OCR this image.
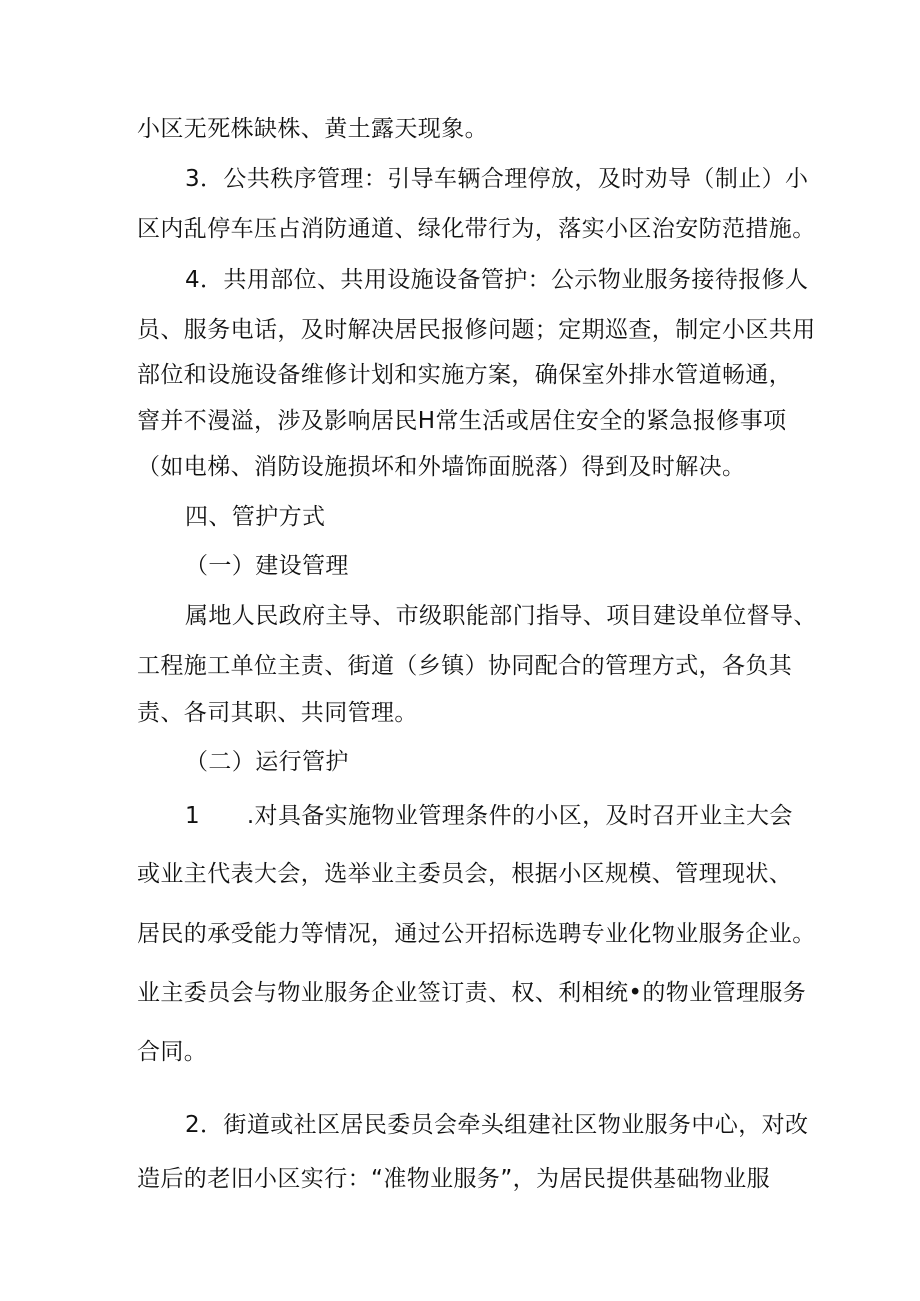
小区无死株缺株、黄土露天现象。
3．公共秩序管理：引导车辆合理停放，及时劝导（制止）小
区内乱停车压占消防通道、绿化带行为，落实小区治安防范措施。
4．共用部位、共用设施设备管护：公示物业服务接待报修人
员、服务电话，及时解决居民报修问题；定期巡查，制定小区共用
部位和设施设备维修计划和实施方案，确保室外排水管道畅通，
窨并不漫溢，涉及影响居民H常生活或居住安全的紧急报修事项
（如电梯、消防设施损坏和外墙饰面脱落）得到及时解决。
四、管护方式
（一）建设管理
属地人民政府主导、市级职能部门指导、项目建设单位督导、
工程施工单位主责、街道（乡镇）协同配合的管理方式，各负其
责、各司其职、共同管理。
（二）运行管护
1　　.对具备实施物业管理条件的小区，及时召开业主大会
或业主代表大会，选举业主委员会，根据小区规模、管理现状、
居民的承受能力等情况，通过公开招标选聘专业化物业服务企业。
业主委员会与物业服务企业签订责、权、利相统•的物业管理服务
合同。
2．街道或社区居民委员会牵头组建社区物业服务中心，对改
造后的老旧小区实行：“准物业服务”，为居民提供基础物业服
